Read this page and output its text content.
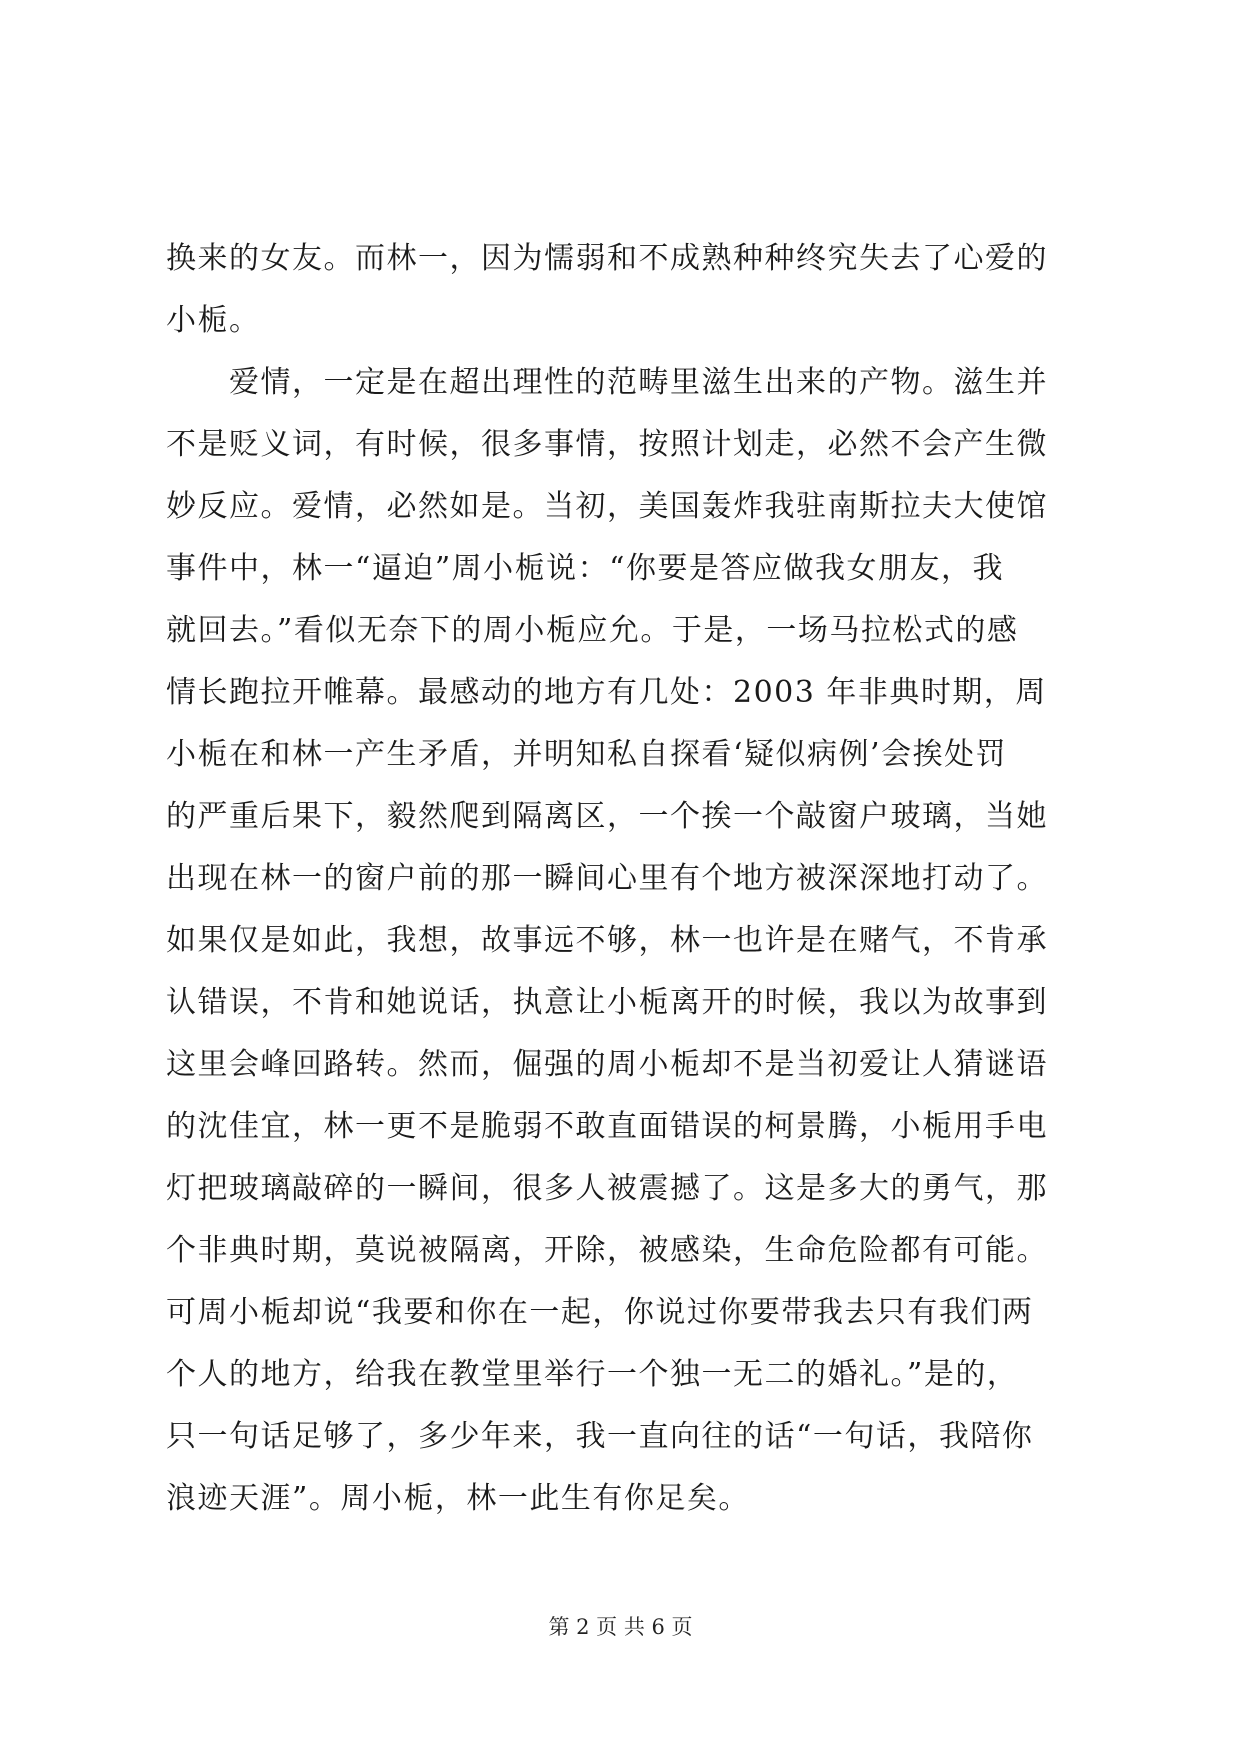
换来的女友。而林一，因为懦弱和不成熟种种终究失去了心爱的
小栀。
　　爱情，一定是在超出理性的范畴里滋生出来的产物。滋生并
不是贬义词，有时候，很多事情，按照计划走，必然不会产生微
妙反应。爱情，必然如是。当初，美国轰炸我驻南斯拉夫大使馆
事件中，林一“逼迫”周小栀说：“你要是答应做我女朋友，我
就回去。”看似无奈下的周小栀应允。于是，一场马拉松式的感
情长跑拉开帷幕。最感动的地方有几处：2003 年非典时期，周
小栀在和林一产生矛盾，并明知私自探看‘疑似病例’会挨处罚
的严重后果下，毅然爬到隔离区，一个挨一个敲窗户玻璃，当她
出现在林一的窗户前的那一瞬间心里有个地方被深深地打动了。
如果仅是如此，我想，故事远不够，林一也许是在赌气，不肯承
认错误，不肯和她说话，执意让小栀离开的时候，我以为故事到
这里会峰回路转。然而，倔强的周小栀却不是当初爱让人猜谜语
的沈佳宜，林一更不是脆弱不敢直面错误的柯景腾，小栀用手电
灯把玻璃敲碎的一瞬间，很多人被震撼了。这是多大的勇气，那
个非典时期，莫说被隔离，开除，被感染，生命危险都有可能。
可周小栀却说“我要和你在一起，你说过你要带我去只有我们两
个人的地方，给我在教堂里举行一个独一无二的婚礼。”是的，
只一句话足够了，多少年来，我一直向往的话“一句话，我陪你
浪迹天涯”。周小栀，林一此生有你足矣。
第 2 页 共 6 页
